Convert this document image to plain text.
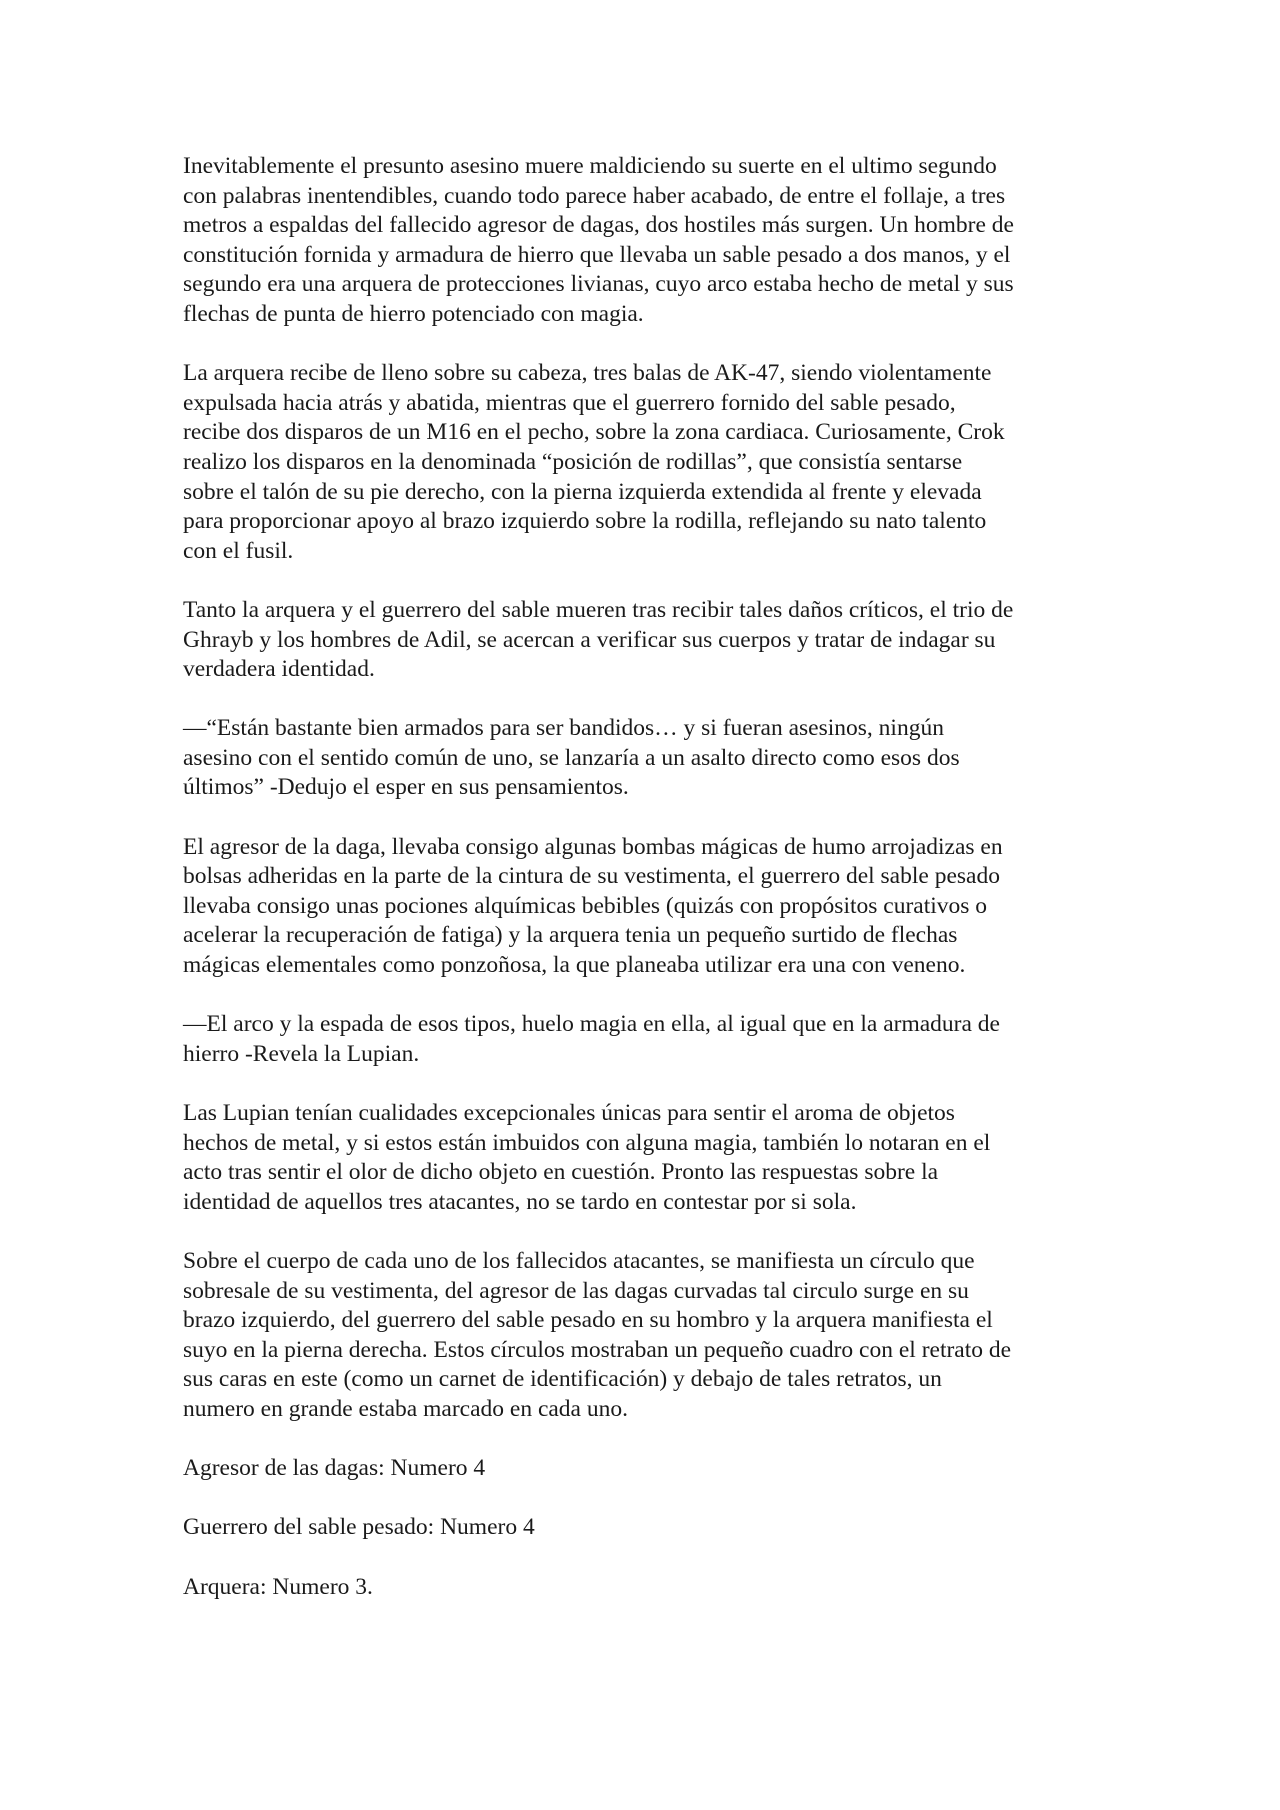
Inevitablemente el presunto asesino muere maldiciendo su suerte en el ultimo segundo
con palabras inentendibles, cuando todo parece haber acabado, de entre el follaje, a tres
metros a espaldas del fallecido agresor de dagas, dos hostiles más surgen. Un hombre de
constitución fornida y armadura de hierro que llevaba un sable pesado a dos manos, y el
segundo era una arquera de protecciones livianas, cuyo arco estaba hecho de metal y sus
flechas de punta de hierro potenciado con magia.

La arquera recibe de lleno sobre su cabeza, tres balas de AK-47, siendo violentamente
expulsada hacia atrás y abatida, mientras que el guerrero fornido del sable pesado,
recibe dos disparos de un M16 en el pecho, sobre la zona cardiaca. Curiosamente, Crok
realizo los disparos en la denominada “posición de rodillas”, que consistía sentarse
sobre el talón de su pie derecho, con la pierna izquierda extendida al frente y elevada
para proporcionar apoyo al brazo izquierdo sobre la rodilla, reflejando su nato talento
con el fusil.

Tanto la arquera y el guerrero del sable mueren tras recibir tales daños críticos, el trio de
Ghrayb y los hombres de Adil, se acercan a verificar sus cuerpos y tratar de indagar su
verdadera identidad.

—“Están bastante bien armados para ser bandidos… y si fueran asesinos, ningún
asesino con el sentido común de uno, se lanzaría a un asalto directo como esos dos
últimos” -Dedujo el esper en sus pensamientos.

El agresor de la daga, llevaba consigo algunas bombas mágicas de humo arrojadizas en
bolsas adheridas en la parte de la cintura de su vestimenta, el guerrero del sable pesado
llevaba consigo unas pociones alquímicas bebibles (quizás con propósitos curativos o
acelerar la recuperación de fatiga) y la arquera tenia un pequeño surtido de flechas
mágicas elementales como ponzoñosa, la que planeaba utilizar era una con veneno.

—El arco y la espada de esos tipos, huelo magia en ella, al igual que en la armadura de
hierro -Revela la Lupian.

Las Lupian tenían cualidades excepcionales únicas para sentir el aroma de objetos
hechos de metal, y si estos están imbuidos con alguna magia, también lo notaran en el
acto tras sentir el olor de dicho objeto en cuestión. Pronto las respuestas sobre la
identidad de aquellos tres atacantes, no se tardo en contestar por si sola.

Sobre el cuerpo de cada uno de los fallecidos atacantes, se manifiesta un círculo que
sobresale de su vestimenta, del agresor de las dagas curvadas tal circulo surge en su
brazo izquierdo, del guerrero del sable pesado en su hombro y la arquera manifiesta el
suyo en la pierna derecha. Estos círculos mostraban un pequeño cuadro con el retrato de
sus caras en este (como un carnet de identificación) y debajo de tales retratos, un
numero en grande estaba marcado en cada uno.

Agresor de las dagas: Numero 4

Guerrero del sable pesado: Numero 4

Arquera: Numero 3.
